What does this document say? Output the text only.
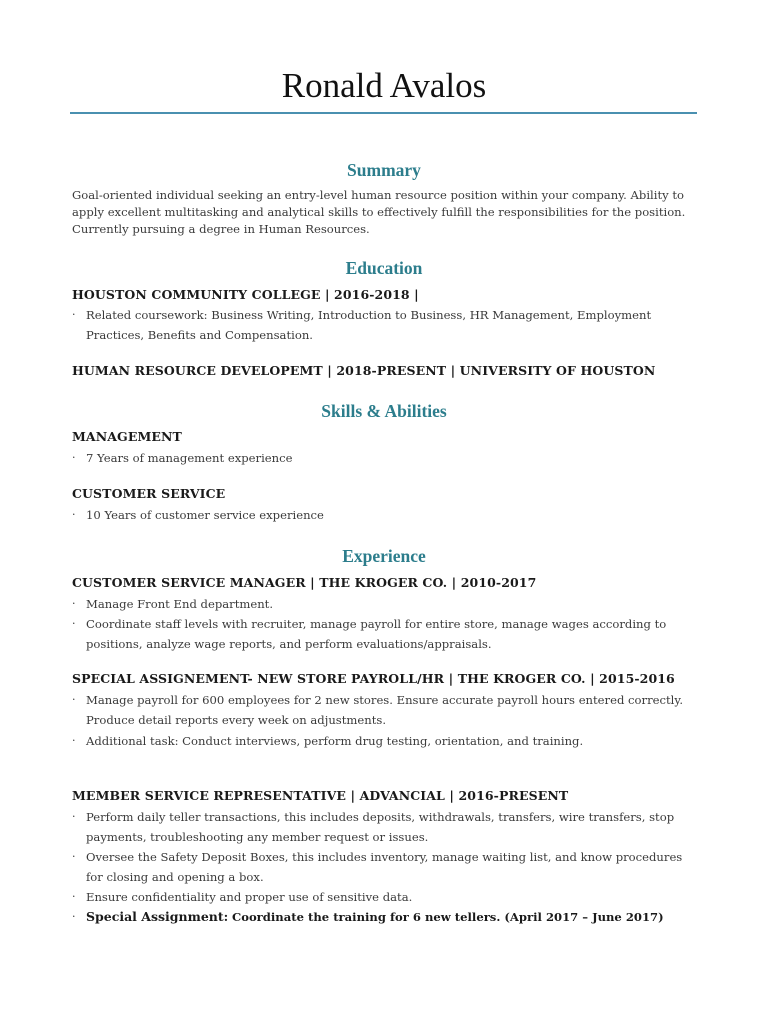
Ronald Avalos
Summary
Goal-oriented individual seeking an entry-level human resource position within your company. Ability to
apply excellent multitasking and analytical skills to effectively fulfill the responsibilities for the position.
Currently pursuing a degree in Human Resources.
Education
HOUSTON COMMUNITY COLLEGE | 2016-2018 |
· Related coursework: Business Writing, Introduction to Business, HR Management, Employment
Practices, Benefits and Compensation.
HUMAN RESOURCE DEVELOPEMT | 2018-PRESENT | UNIVERSITY OF HOUSTON
Skills & Abilities
MANAGEMENT
· 7 Years of management experience
CUSTOMER SERVICE
· 10 Years of customer service experience
Experience
CUSTOMER SERVICE MANAGER | THE KROGER CO. | 2010-2017
· Manage Front End department.
· Coordinate staff levels with recruiter, manage payroll for entire store, manage wages according to
positions, analyze wage reports, and perform evaluations/appraisals.
SPECIAL ASSIGNEMENT- NEW STORE PAYROLL/HR | THE KROGER CO. | 2015-2016
· Manage payroll for 600 employees for 2 new stores. Ensure accurate payroll hours entered correctly.
Produce detail reports every week on adjustments.
· Additional task: Conduct interviews, perform drug testing, orientation, and training.
MEMBER SERVICE REPRESENTATIVE | ADVANCIAL | 2016-PRESENT
· Perform daily teller transactions, this includes deposits, withdrawals, transfers, wire transfers, stop
payments, troubleshooting any member request or issues.
· Oversee the Safety Deposit Boxes, this includes inventory, manage waiting list, and know procedures
for closing and opening a box.
· Ensure confidentiality and proper use of sensitive data.
· Special Assignment: Coordinate the training for 6 new tellers. (April 2017 – June 2017)
